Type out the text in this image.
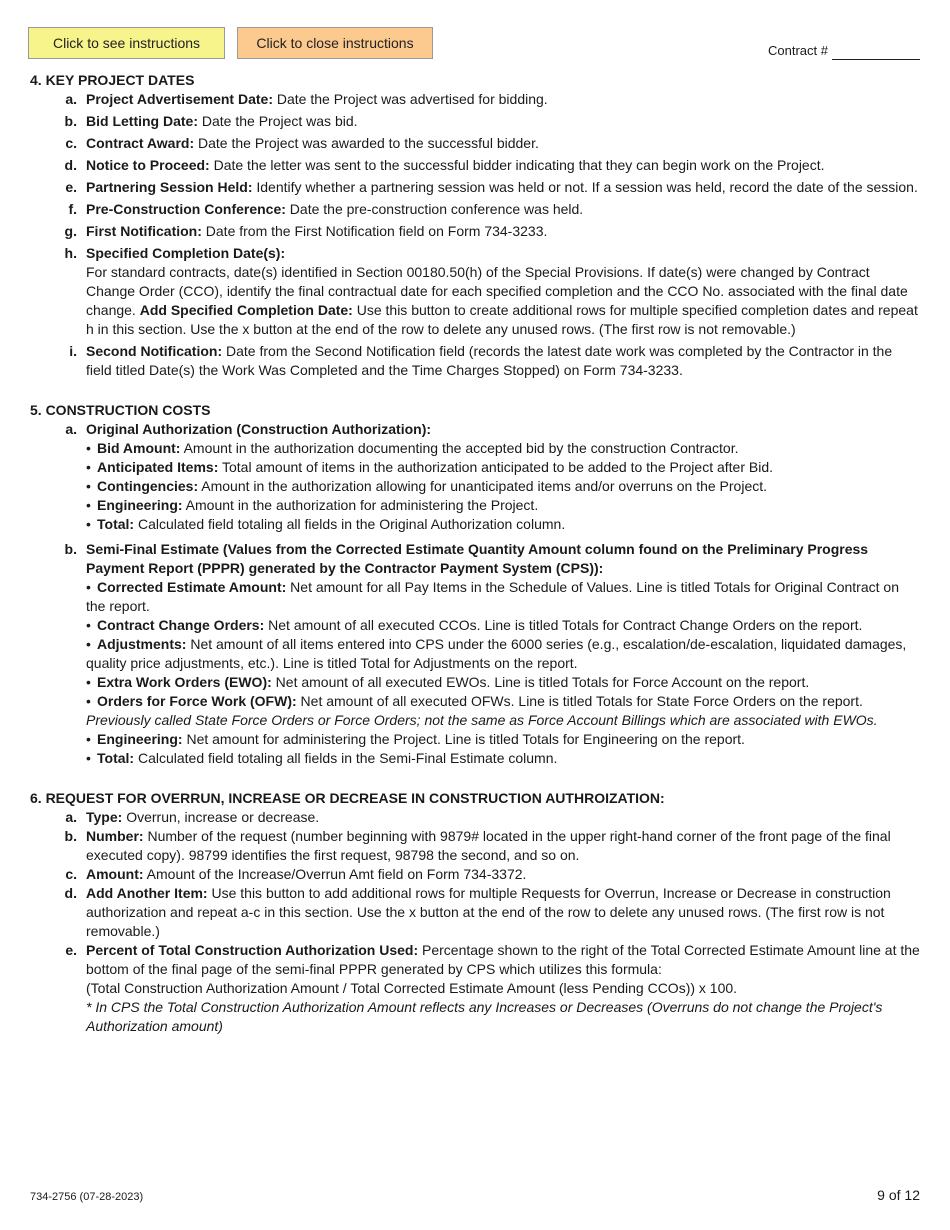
Click to see instructions	Click to close instructions	Contract #

4. KEY PROJECT DATES

a. Project Advertisement Date: Date the Project was advertised for bidding.
b. Bid Letting Date: Date the Project was bid.
c. Contract Award: Date the Project was awarded to the successful bidder.
d. Notice to Proceed: Date the letter was sent to the successful bidder indicating that they can begin work on the Project.
e. Partnering Session Held: Identify whether a partnering session was held or not. If a session was held, record the date of the session.
f. Pre-Construction Conference: Date the pre-construction conference was held.
g. First Notification: Date from the First Notification field on Form 734-3233.
h. Specified Completion Date(s):
For standard contracts, date(s) identified in Section 00180.50(h) of the Special Provisions. If date(s) were changed by Contract Change Order (CCO), identify the final contractual date for each specified completion and the CCO No. associated with the final date change. Add Specified Completion Date: Use this button to create additional rows for multiple specified completion dates and repeat h in this section. Use the x button at the end of the row to delete any unused rows. (The first row is not removable.)
i. Second Notification: Date from the Second Notification field (records the latest date work was completed by the Contractor in the field titled Date(s) the Work Was Completed and the Time Charges Stopped) on Form 734-3233.

5. CONSTRUCTION COSTS

a. Original Authorization (Construction Authorization):
• Bid Amount: Amount in the authorization documenting the accepted bid by the construction Contractor.
• Anticipated Items: Total amount of items in the authorization anticipated to be added to the Project after Bid.
• Contingencies: Amount in the authorization allowing for unanticipated items and/or overruns on the Project.
• Engineering: Amount in the authorization for administering the Project.
• Total: Calculated field totaling all fields in the Original Authorization column.
b. Semi-Final Estimate (Values from the Corrected Estimate Quantity Amount column found on the Preliminary Progress Payment Report (PPPR) generated by the Contractor Payment System (CPS)):
• Corrected Estimate Amount: Net amount for all Pay Items in the Schedule of Values. Line is titled Totals for Original Contract on the report.
• Contract Change Orders: Net amount of all executed CCOs. Line is titled Totals for Contract Change Orders on the report.
• Adjustments: Net amount of all items entered into CPS under the 6000 series (e.g., escalation/de-escalation, liquidated damages, quality price adjustments, etc.). Line is titled Total for Adjustments on the report.
• Extra Work Orders (EWO): Net amount of all executed EWOs. Line is titled Totals for Force Account on the report.
• Orders for Force Work (OFW): Net amount of all executed OFWs. Line is titled Totals for State Force Orders on the report.
Previously called State Force Orders or Force Orders; not the same as Force Account Billings which are associated with EWOs.
• Engineering: Net amount for administering the Project. Line is titled Totals for Engineering on the report.
• Total: Calculated field totaling all fields in the Semi-Final Estimate column.

6. REQUEST FOR OVERRUN, INCREASE OR DECREASE IN CONSTRUCTION AUTHROIZATION:

a. Type: Overrun, increase or decrease.
b. Number: Number of the request (number beginning with 9879# located in the upper right-hand corner of the front page of the final executed copy). 98799 identifies the first request, 98798 the second, and so on.
c. Amount: Amount of the Increase/Overrun Amt field on Form 734-3372.
d. Add Another Item: Use this button to add additional rows for multiple Requests for Overrun, Increase or Decrease in construction authorization and repeat a-c in this section. Use the x button at the end of the row to delete any unused rows. (The first row is not removable.)
e. Percent of Total Construction Authorization Used: Percentage shown to the right of the Total Corrected Estimate Amount line at the bottom of the final page of the semi-final PPPR generated by CPS which utilizes this formula:
(Total Construction Authorization Amount / Total Corrected Estimate Amount (less Pending CCOs)) x 100.
* In CPS the Total Construction Authorization Amount reflects any Increases or Decreases (Overruns do not change the Project's Authorization amount)
734-2756 (07-28-2023)	9 of 12
